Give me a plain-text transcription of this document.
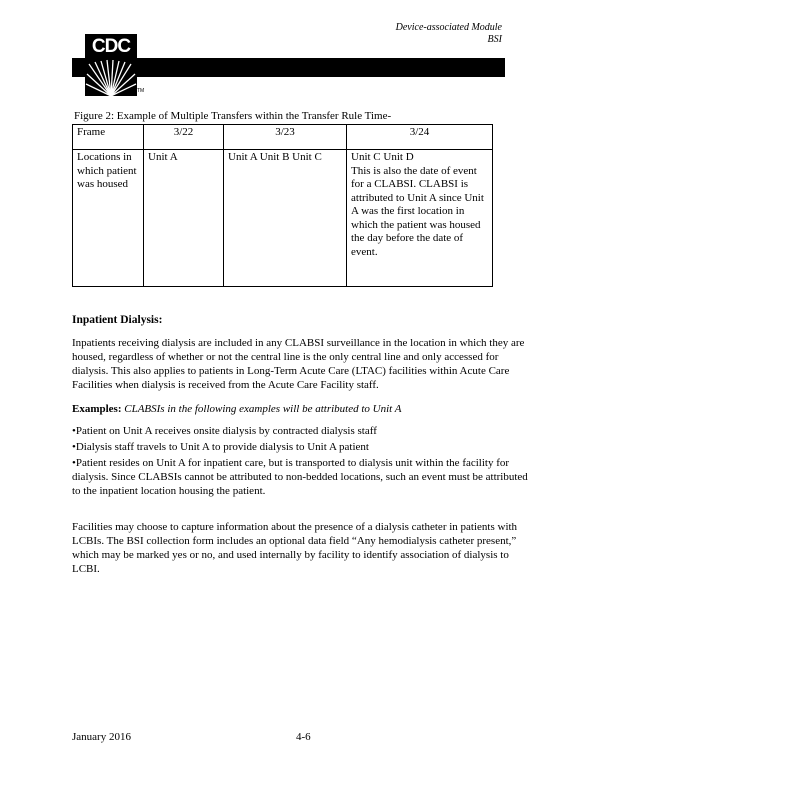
Device-associated Module
BSI
CDC
TM
Figure 2: Example of Multiple Transfers within the Transfer Rule Time-
Frame	3/22	3/23	3/24
Locations in which patient was housed	Unit A	Unit A Unit B Unit C	Unit C Unit D
This is also the date of event for a CLABSI. CLABSI is attributed to Unit A since Unit A was the first location in which the patient was housed the day before the date of event.
Inpatient Dialysis:
Inpatients receiving dialysis are included in any CLABSI surveillance in the location in which they are housed, regardless of whether or not the central line is the only central line and only accessed for dialysis. This also applies to patients in Long-Term Acute Care (LTAC) facilities within Acute Care Facilities when dialysis is received from the Acute Care Facility staff.
Examples: CLABSIs in the following examples will be attributed to Unit A
•Patient on Unit A receives onsite dialysis by contracted dialysis staff
•Dialysis staff travels to Unit A to provide dialysis to Unit A patient
•Patient resides on Unit A for inpatient care, but is transported to dialysis unit within the facility for dialysis. Since CLABSIs cannot be attributed to non-bedded locations, such an event must be attributed to the inpatient location housing the patient.
Facilities may choose to capture information about the presence of a dialysis catheter in patients with LCBIs. The BSI collection form includes an optional data field “Any hemodialysis catheter present,” which may be marked yes or no, and used internally by facility to identify association of dialysis to LCBI.
January 2016	4-6
